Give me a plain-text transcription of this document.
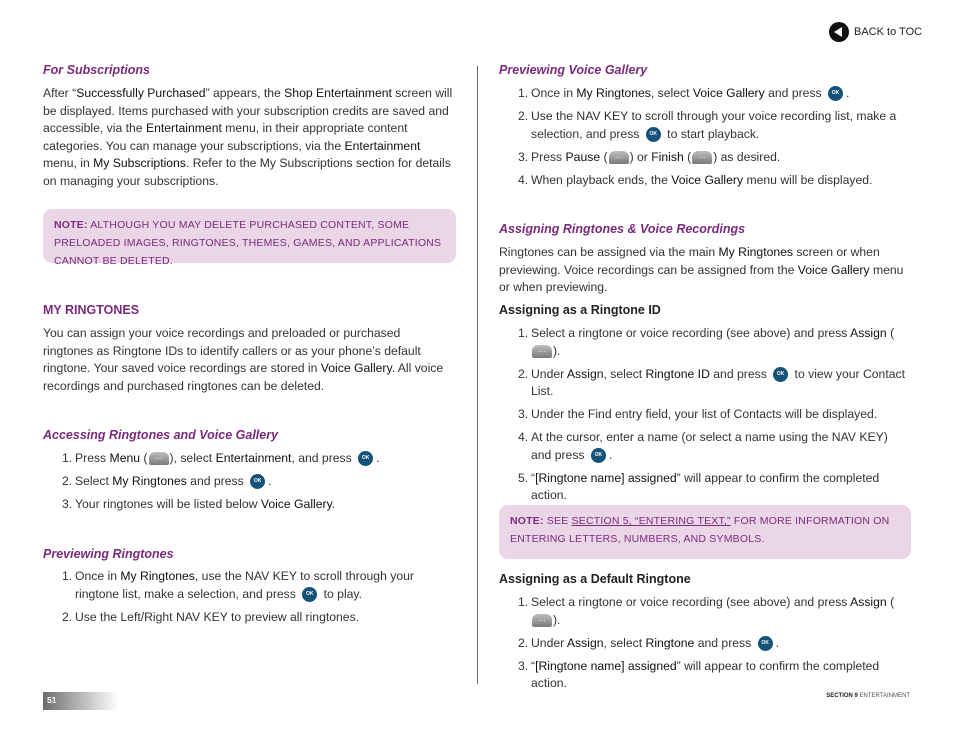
BACK to TOC
For Subscriptions

After “Successfully Purchased” appears, the Shop Entertainment screen will be displayed. Items purchased with your subscription credits are saved and accessible, via the Entertainment menu, in their appropriate content categories. You can manage your subscriptions, via the Entertainment menu, in My Subscriptions. Refer to the My Subscriptions section for details on managing your subscriptions.

NOTE: ALTHOUGH YOU MAY DELETE PURCHASED CONTENT, SOME PRELOADED IMAGES, RINGTONES, THEMES, GAMES, AND APPLICATIONS CANNOT BE DELETED.
MY RINGTONES

You can assign your voice recordings and preloaded or purchased ringtones as Ringtone IDs to identify callers or as your phone’s default ringtone. Your saved voice recordings are stored in Voice Gallery. All voice recordings and purchased ringtones can be deleted.

Accessing Ringtones and Voice Gallery
1. Press Menu ( … ), select Entertainment, and press OK .
2. Select My Ringtones and press OK .
3. Your ringtones will be listed below Voice Gallery.
Previewing Ringtones
1. Once in My Ringtones, use the NAV KEY to scroll through your ringtone list, make a selection, and press OK to play.
2. Use the Left/Right NAV KEY to preview all ringtones.
Previewing Voice Gallery
1. Once in My Ringtones, select Voice Gallery and press OK .
2. Use the NAV KEY to scroll through your voice recording list, make a selection, and press OK to start playback.
3. Press Pause ( … ) or Finish ( … ) as desired.
4. When playback ends, the Voice Gallery menu will be displayed.
Assigning Ringtones & Voice Recordings

Ringtones can be assigned via the main My Ringtones screen or when previewing. Voice recordings can be assigned from the Voice Gallery menu or when previewing.

Assigning as a Ringtone ID
1. Select a ringtone or voice recording (see above) and press Assign (… ).
2. Under Assign, select Ringtone ID and press OK to view your Contact List.
3. Under the Find entry field, your list of Contacts will be displayed.
4. At the cursor, enter a name (or select a name using the NAV KEY) and press OK .
5. “[Ringtone name] assigned” will appear to confirm the completed action.
NOTE: SEE SECTION 5, “ENTERING TEXT,” FOR MORE INFORMATION ON ENTERING LETTERS, NUMBERS, AND SYMBOLS.
Assigning as a Default Ringtone
1. Select a ringtone or voice recording (see above) and press Assign (… ).
2. Under Assign, select Ringtone and press OK .
3. “[Ringtone name] assigned” will appear to confirm the completed action.
51	SECTION 9 ENTERTAINMENT
